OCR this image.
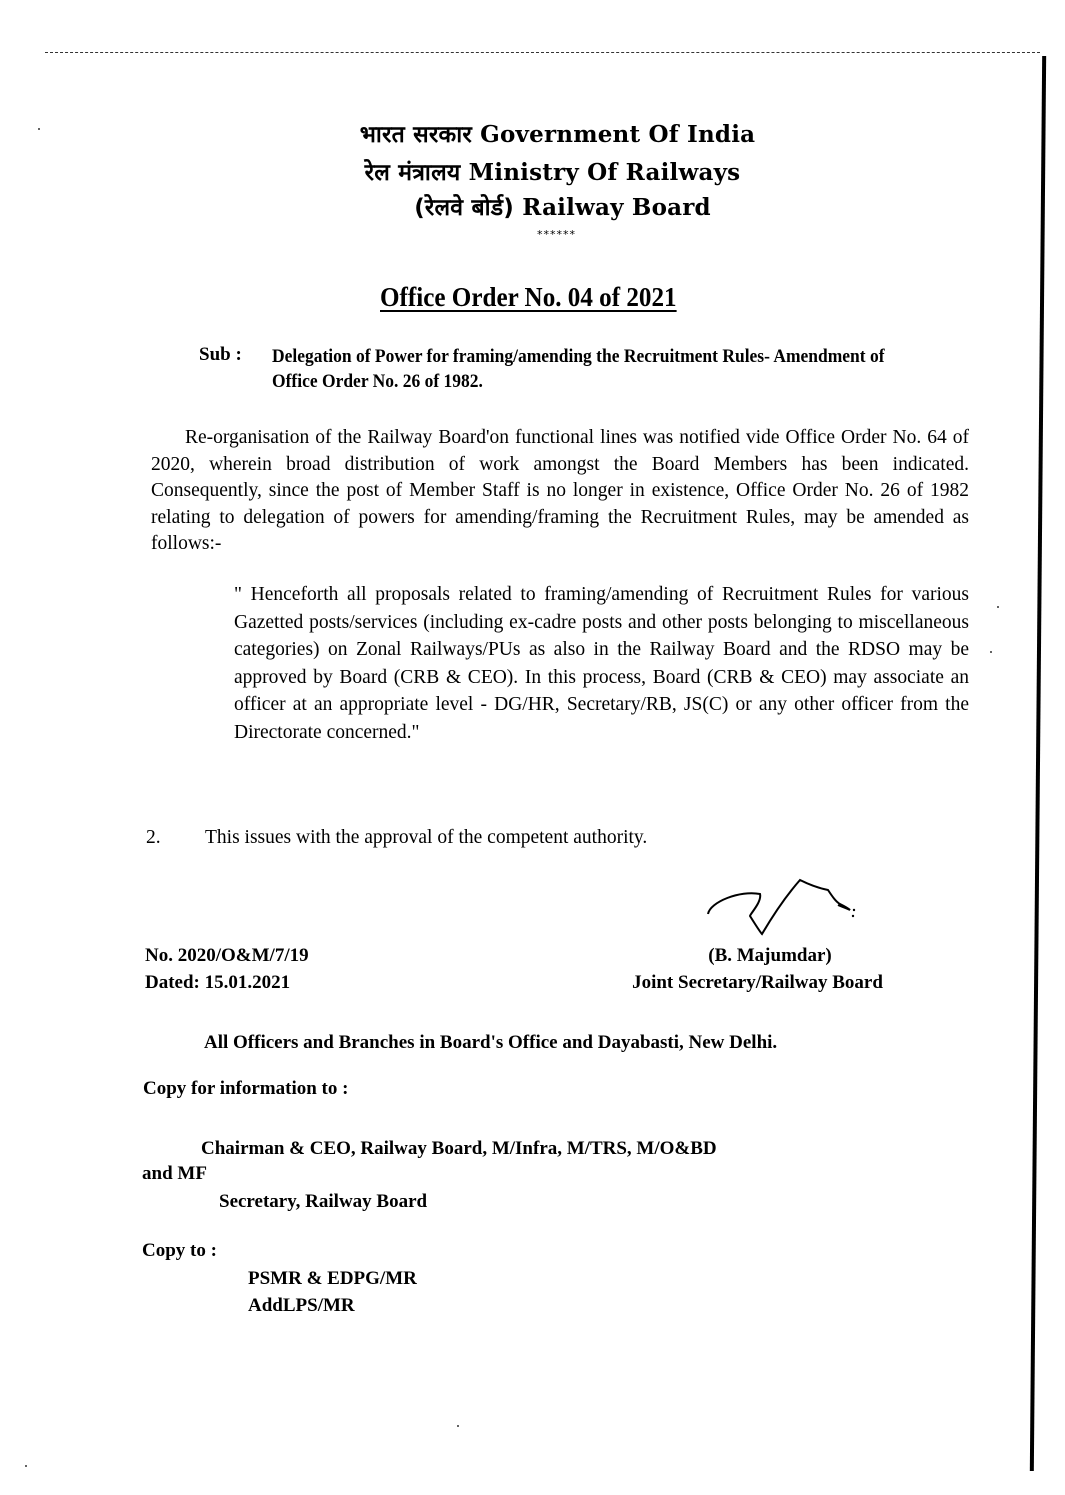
भारत सरकार Government Of India
रेल मंत्रालय Ministry Of Railways
(रेलवे बोर्ड) Railway Board
******
Office Order No. 04 of 2021
Sub : Delegation of Power for framing/amending the Recruitment Rules- Amendment of Office Order No. 26 of 1982.
Re-organisation of the Railway Board'on functional lines was notified vide Office Order No. 64 of 2020, wherein broad distribution of work amongst the Board Members has been indicated. Consequently, since the post of Member Staff is no longer in existence, Office Order No. 26 of 1982 relating to delegation of powers for amending/framing the Recruitment Rules, may be amended as follows:-
" Henceforth all proposals related to framing/amending of Recruitment Rules for various Gazetted posts/services (including ex-cadre posts and other posts belonging to miscellaneous categories) on Zonal Railways/PUs as also in the Railway Board and the RDSO may be approved by Board (CRB & CEO). In this process, Board (CRB & CEO) may associate an officer at an appropriate level - DG/HR, Secretary/RB, JS(C) or any other officer from the Directorate concerned."
2. This issues with the approval of the competent authority.
No. 2020/O&M/7/19
Dated: 15.01.2021
(B. Majumdar)
Joint Secretary/Railway Board
All Officers and Branches in Board's Office and Dayabasti, New Delhi.
Copy for information to :
Chairman & CEO, Railway Board, M/Infra, M/TRS, M/O&BD
and MF
Secretary, Railway Board
Copy to :
PSMR & EDPG/MR
AddLPS/MR
